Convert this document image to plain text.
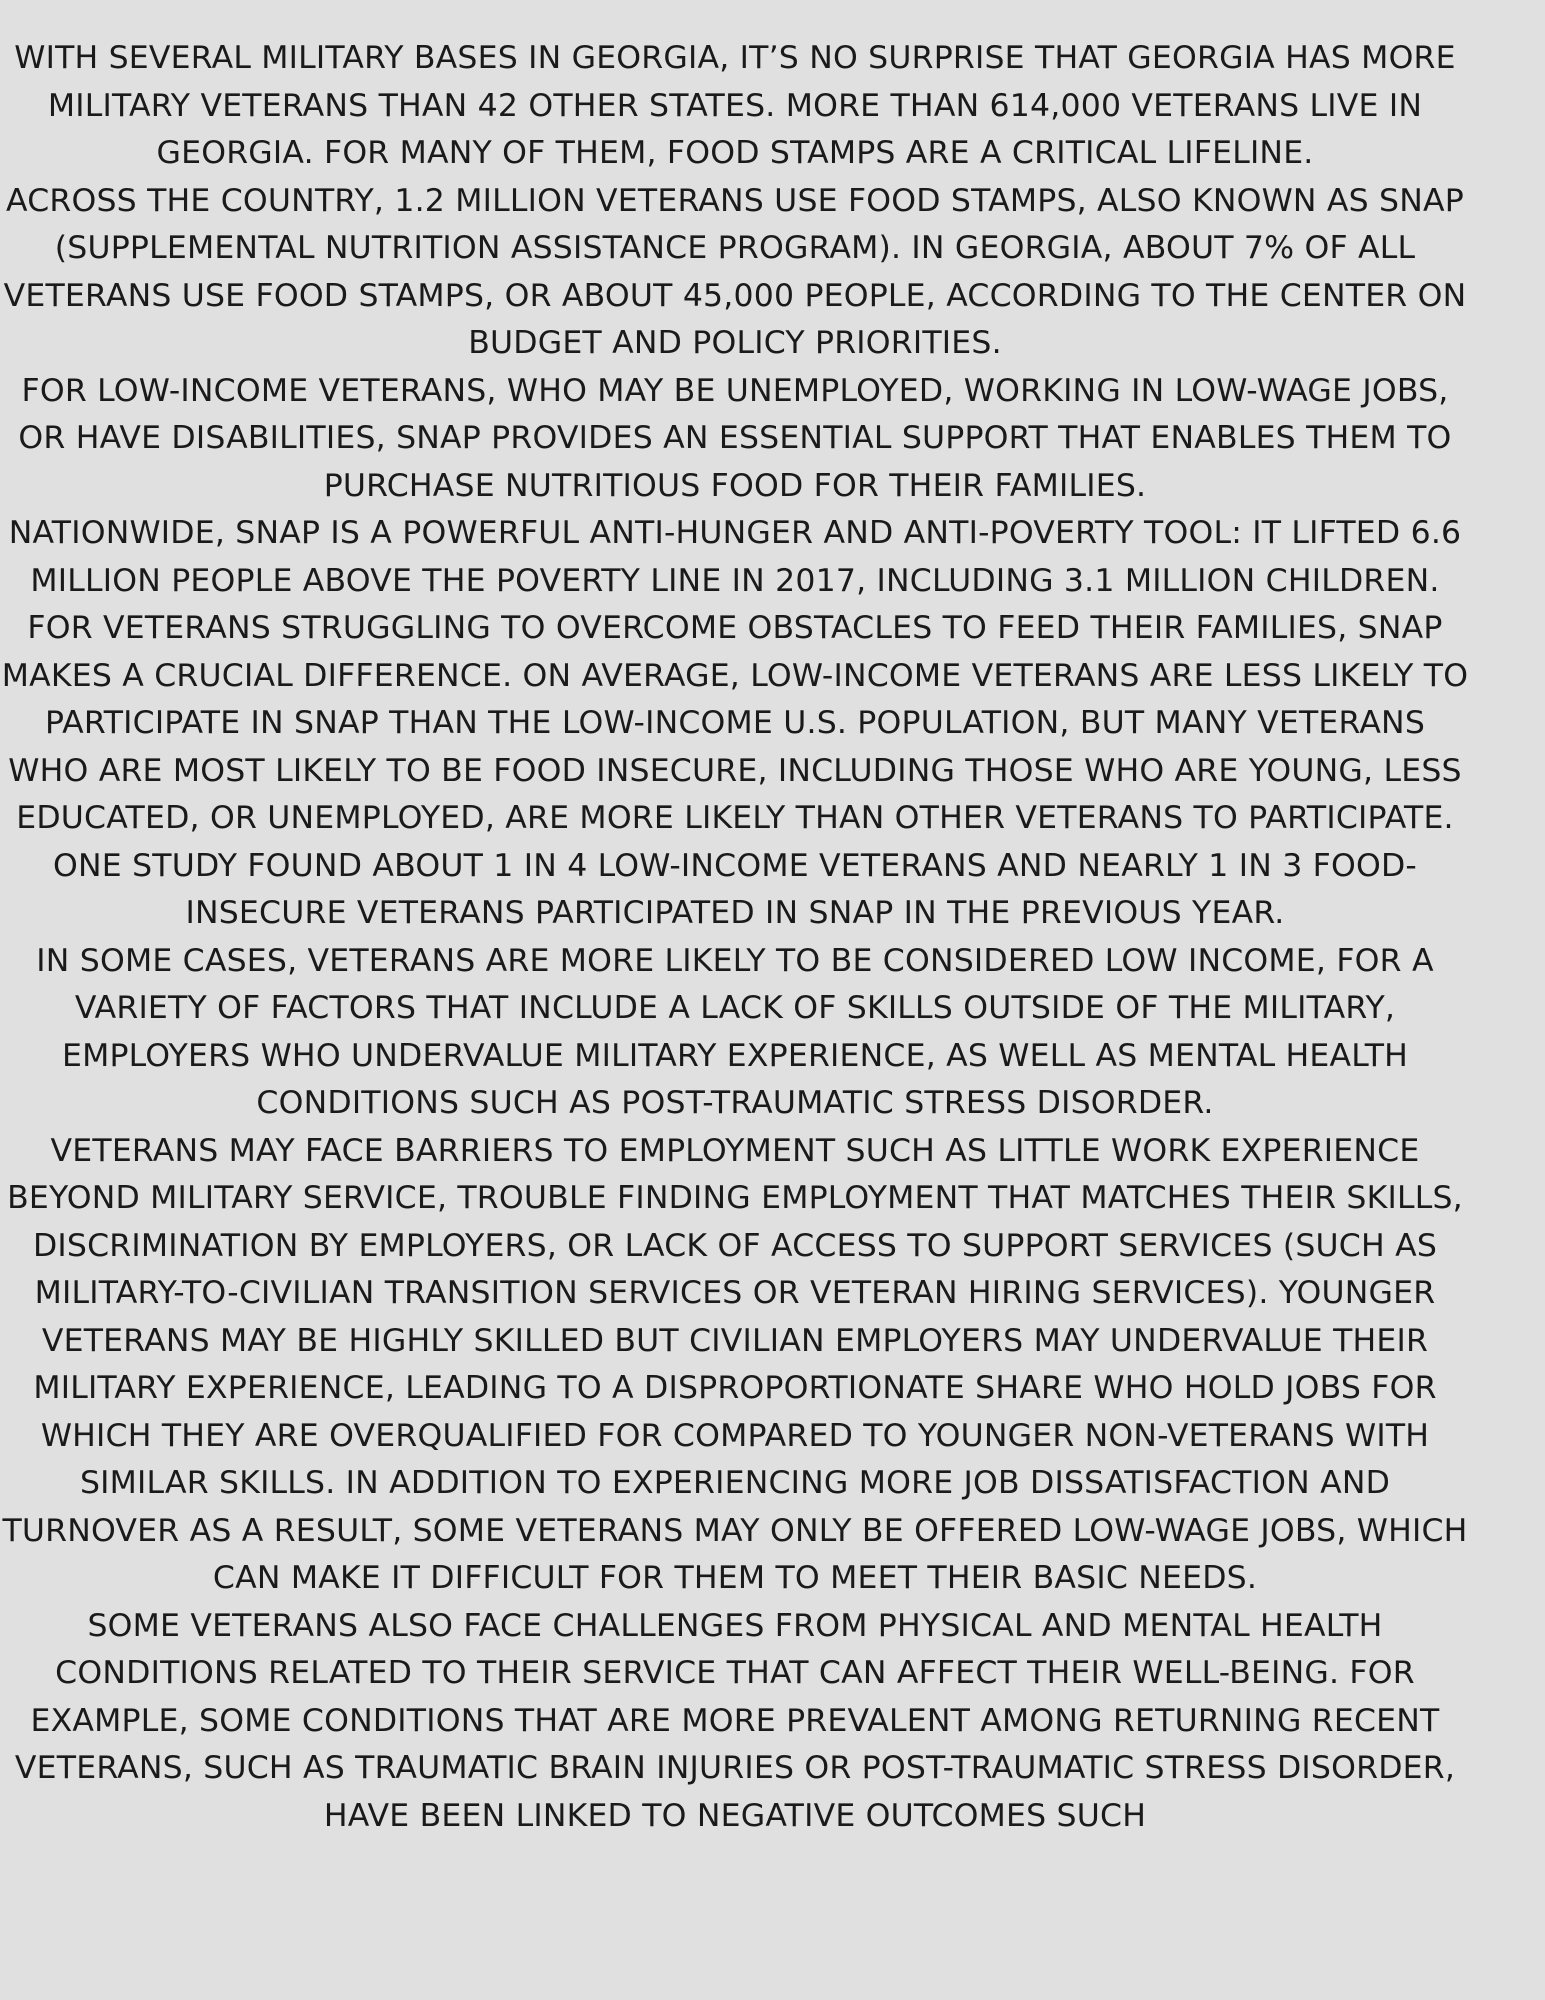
WITH SEVERAL MILITARY BASES IN GEORGIA, IT’S NO SURPRISE THAT GEORGIA HAS MORE MILITARY VETERANS THAN 42 OTHER STATES. MORE THAN 614,000 VETERANS LIVE IN GEORGIA. FOR MANY OF THEM, FOOD STAMPS ARE A CRITICAL LIFELINE.

ACROSS THE COUNTRY, 1.2 MILLION VETERANS USE FOOD STAMPS, ALSO KNOWN AS SNAP (SUPPLEMENTAL NUTRITION ASSISTANCE PROGRAM). IN GEORGIA, ABOUT 7% OF ALL VETERANS USE FOOD STAMPS, OR ABOUT 45,000 PEOPLE, ACCORDING TO THE CENTER ON BUDGET AND POLICY PRIORITIES.

FOR LOW-INCOME VETERANS, WHO MAY BE UNEMPLOYED, WORKING IN LOW-WAGE JOBS, OR HAVE DISABILITIES, SNAP PROVIDES AN ESSENTIAL SUPPORT THAT ENABLES THEM TO PURCHASE NUTRITIOUS FOOD FOR THEIR FAMILIES.

NATIONWIDE, SNAP IS A POWERFUL ANTI-HUNGER AND ANTI-POVERTY TOOL: IT LIFTED 6.6 MILLION PEOPLE ABOVE THE POVERTY LINE IN 2017, INCLUDING 3.1 MILLION CHILDREN.

FOR VETERANS STRUGGLING TO OVERCOME OBSTACLES TO FEED THEIR FAMILIES, SNAP MAKES A CRUCIAL DIFFERENCE. ON AVERAGE, LOW-INCOME VETERANS ARE LESS LIKELY TO PARTICIPATE IN SNAP THAN THE LOW-INCOME U.S. POPULATION, BUT MANY VETERANS WHO ARE MOST LIKELY TO BE FOOD INSECURE, INCLUDING THOSE WHO ARE YOUNG, LESS EDUCATED, OR UNEMPLOYED, ARE MORE LIKELY THAN OTHER VETERANS TO PARTICIPATE. ONE STUDY FOUND ABOUT 1 IN 4 LOW-INCOME VETERANS AND NEARLY 1 IN 3 FOOD-INSECURE VETERANS PARTICIPATED IN SNAP IN THE PREVIOUS YEAR.

IN SOME CASES, VETERANS ARE MORE LIKELY TO BE CONSIDERED LOW INCOME, FOR A VARIETY OF FACTORS THAT INCLUDE A LACK OF SKILLS OUTSIDE OF THE MILITARY, EMPLOYERS WHO UNDERVALUE MILITARY EXPERIENCE, AS WELL AS MENTAL HEALTH CONDITIONS SUCH AS POST-TRAUMATIC STRESS DISORDER.

VETERANS MAY FACE BARRIERS TO EMPLOYMENT SUCH AS LITTLE WORK EXPERIENCE BEYOND MILITARY SERVICE, TROUBLE FINDING EMPLOYMENT THAT MATCHES THEIR SKILLS, DISCRIMINATION BY EMPLOYERS, OR LACK OF ACCESS TO SUPPORT SERVICES (SUCH AS MILITARY-TO-CIVILIAN TRANSITION SERVICES OR VETERAN HIRING SERVICES). YOUNGER VETERANS MAY BE HIGHLY SKILLED BUT CIVILIAN EMPLOYERS MAY UNDERVALUE THEIR MILITARY EXPERIENCE, LEADING TO A DISPROPORTIONATE SHARE WHO HOLD JOBS FOR WHICH THEY ARE OVERQUALIFIED FOR COMPARED TO YOUNGER NON-VETERANS WITH SIMILAR SKILLS. IN ADDITION TO EXPERIENCING MORE JOB DISSATISFACTION AND TURNOVER AS A RESULT, SOME VETERANS MAY ONLY BE OFFERED LOW-WAGE JOBS, WHICH CAN MAKE IT DIFFICULT FOR THEM TO MEET THEIR BASIC NEEDS.

SOME VETERANS ALSO FACE CHALLENGES FROM PHYSICAL AND MENTAL HEALTH CONDITIONS RELATED TO THEIR SERVICE THAT CAN AFFECT THEIR WELL-BEING. FOR EXAMPLE, SOME CONDITIONS THAT ARE MORE PREVALENT AMONG RETURNING RECENT VETERANS, SUCH AS TRAUMATIC BRAIN INJURIES OR POST-TRAUMATIC STRESS DISORDER, HAVE BEEN LINKED TO NEGATIVE OUTCOMES SUCH
